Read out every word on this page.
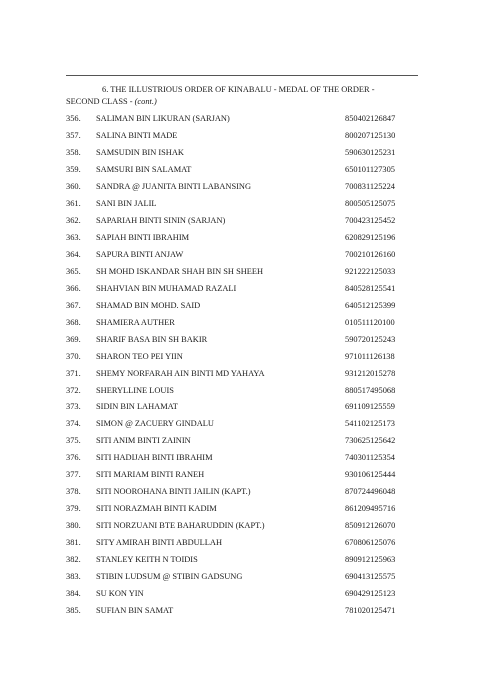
6. THE ILLUSTRIOUS ORDER OF KINABALU - MEDAL OF THE ORDER -
SECOND CLASS - (cont.)
356. SALIMAN BIN LIKURAN (SARJAN)	850402126847
357. SALINA BINTI MADE	800207125130
358. SAMSUDIN BIN ISHAK	590630125231
359. SAMSURI BIN SALAMAT	650101127305
360. SANDRA @ JUANITA BINTI LABANSING	700831125224
361. SANI BIN JALIL	800505125075
362. SAPARIAH BINTI SININ (SARJAN)	700423125452
363. SAPIAH BINTI IBRAHIM	620829125196
364. SAPURA BINTI ANJAW	700210126160
365. SH MOHD ISKANDAR SHAH BIN SH SHEEH	921222125033
366. SHAHVIAN BIN MUHAMAD RAZALI	840528125541
367. SHAMAD BIN MOHD. SAID	640512125399
368. SHAMIERA AUTHER	010511120100
369. SHARIF BASA BIN SH BAKIR	590720125243
370. SHARON TEO PEI YIIN	971011126138
371. SHEMY NORFARAH AIN BINTI MD YAHAYA	931212015278
372. SHERYLLINE LOUIS	880517495068
373. SIDIN BIN LAHAMAT	691109125559
374. SIMON @ ZACUERY GINDALU	541102125173
375. SITI ANIM BINTI ZAININ	730625125642
376. SITI HADIJAH BINTI IBRAHIM	740301125354
377. SITI MARIAM BINTI RANEH	930106125444
378. SITI NOOROHANA BINTI JAILIN (KAPT.)	870724496048
379. SITI NORAZMAH BINTI KADIM	861209495716
380. SITI NORZUANI BTE BAHARUDDIN (KAPT.)	850912126070
381. SITY AMIRAH BINTI ABDULLAH	670806125076
382. STANLEY KEITH N TOIDIS	890912125963
383. STIBIN LUDSUM @ STIBIN GADSUNG	690413125575
384. SU KON YIN	690429125123
385. SUFIAN BIN SAMAT	781020125471
